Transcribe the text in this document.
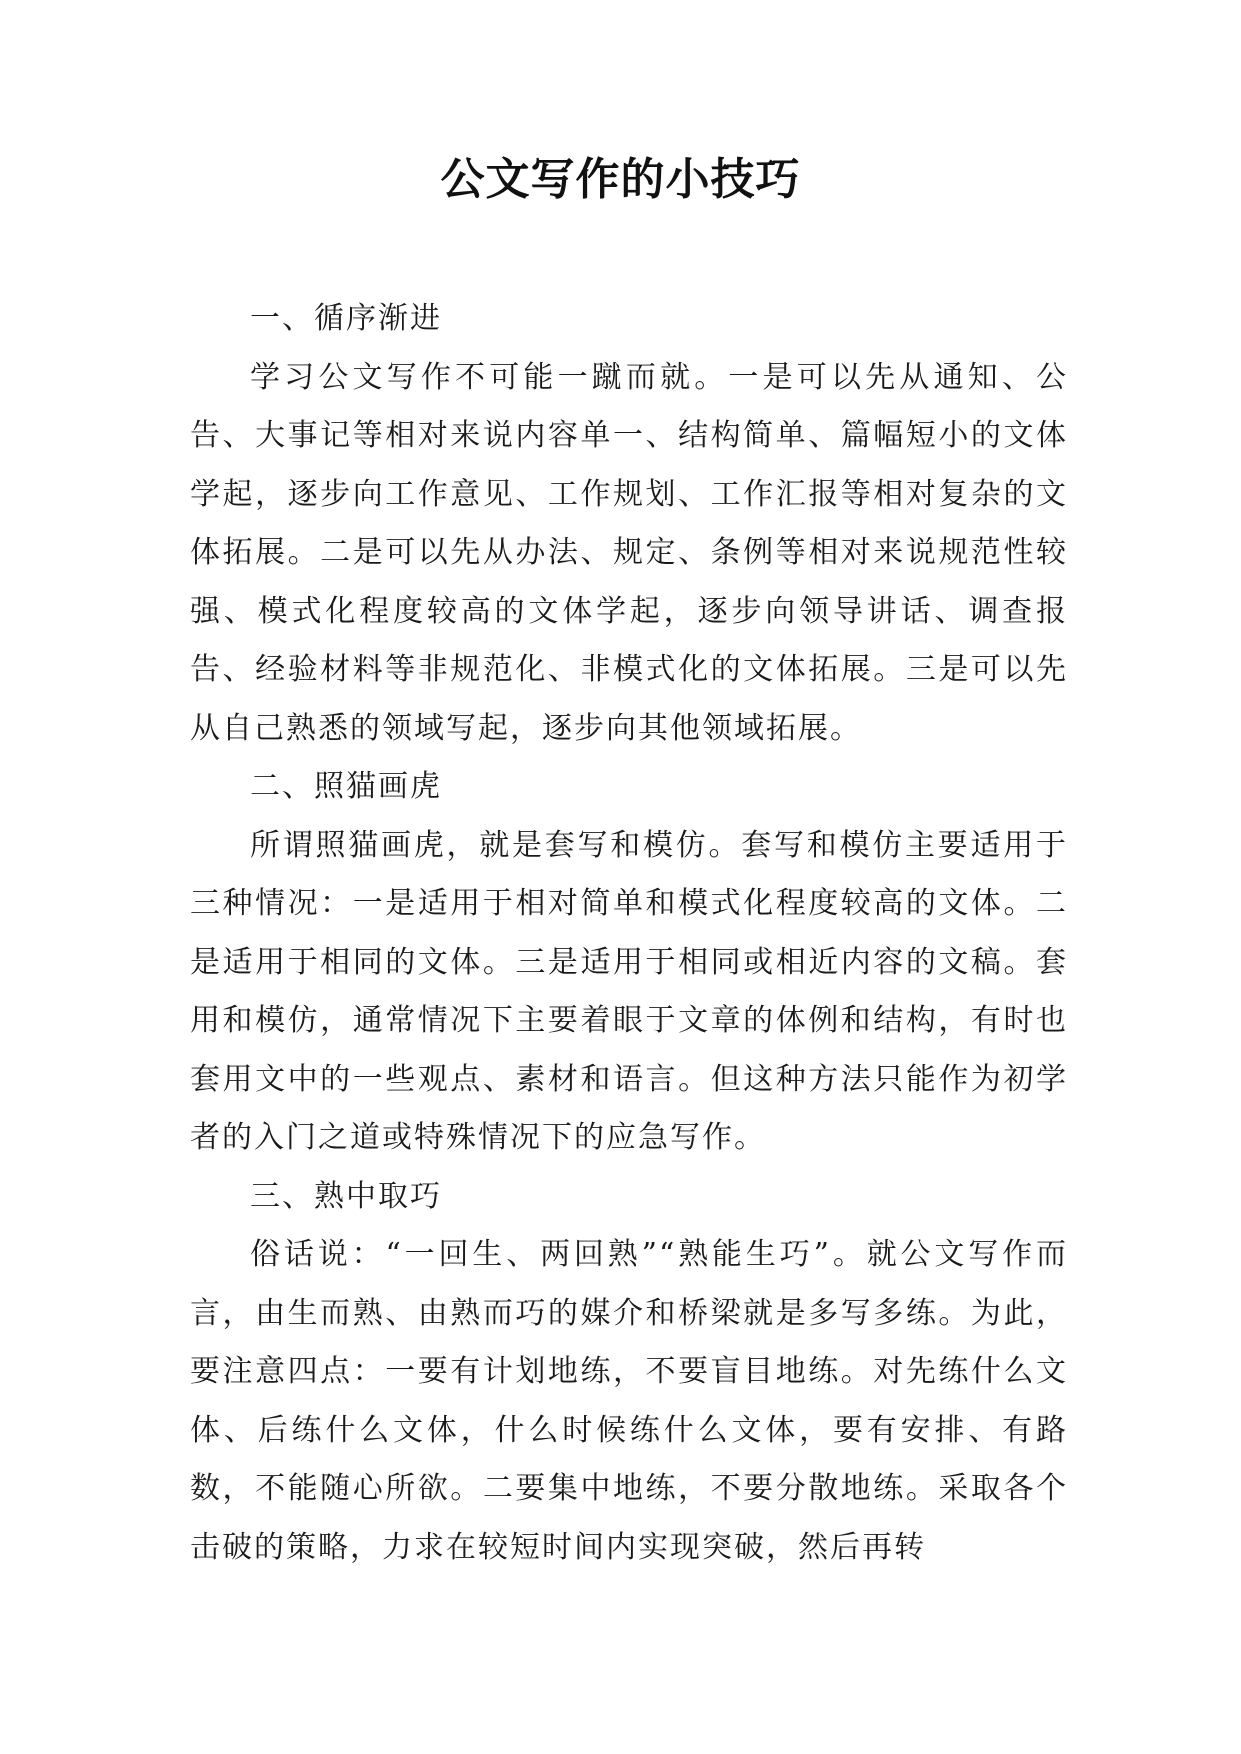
公文写作的小技巧

一、循序渐进

学习公文写作不可能一蹴而就。一是可以先从通知、公告、大事记等相对来说内容单一、结构简单、篇幅短小的文体学起，逐步向工作意见、工作规划、工作汇报等相对复杂的文体拓展。二是可以先从办法、规定、条例等相对来说规范性较强、模式化程度较高的文体学起，逐步向领导讲话、调查报告、经验材料等非规范化、非模式化的文体拓展。三是可以先从自己熟悉的领域写起，逐步向其他领域拓展。

二、照猫画虎

所谓照猫画虎，就是套写和模仿。套写和模仿主要适用于三种情况：一是适用于相对简单和模式化程度较高的文体。二是适用于相同的文体。三是适用于相同或相近内容的文稿。套用和模仿，通常情况下主要着眼于文章的体例和结构，有时也套用文中的一些观点、素材和语言。但这种方法只能作为初学者的入门之道或特殊情况下的应急写作。

三、熟中取巧

俗话说：“一回生、两回熟”“熟能生巧”。就公文写作而言，由生而熟、由熟而巧的媒介和桥梁就是多写多练。为此，要注意四点：一要有计划地练，不要盲目地练。对先练什么文体、后练什么文体，什么时候练什么文体，要有安排、有路数，不能随心所欲。二要集中地练，不要分散地练。采取各个击破的策略，力求在较短时间内实现突破，然后再转
